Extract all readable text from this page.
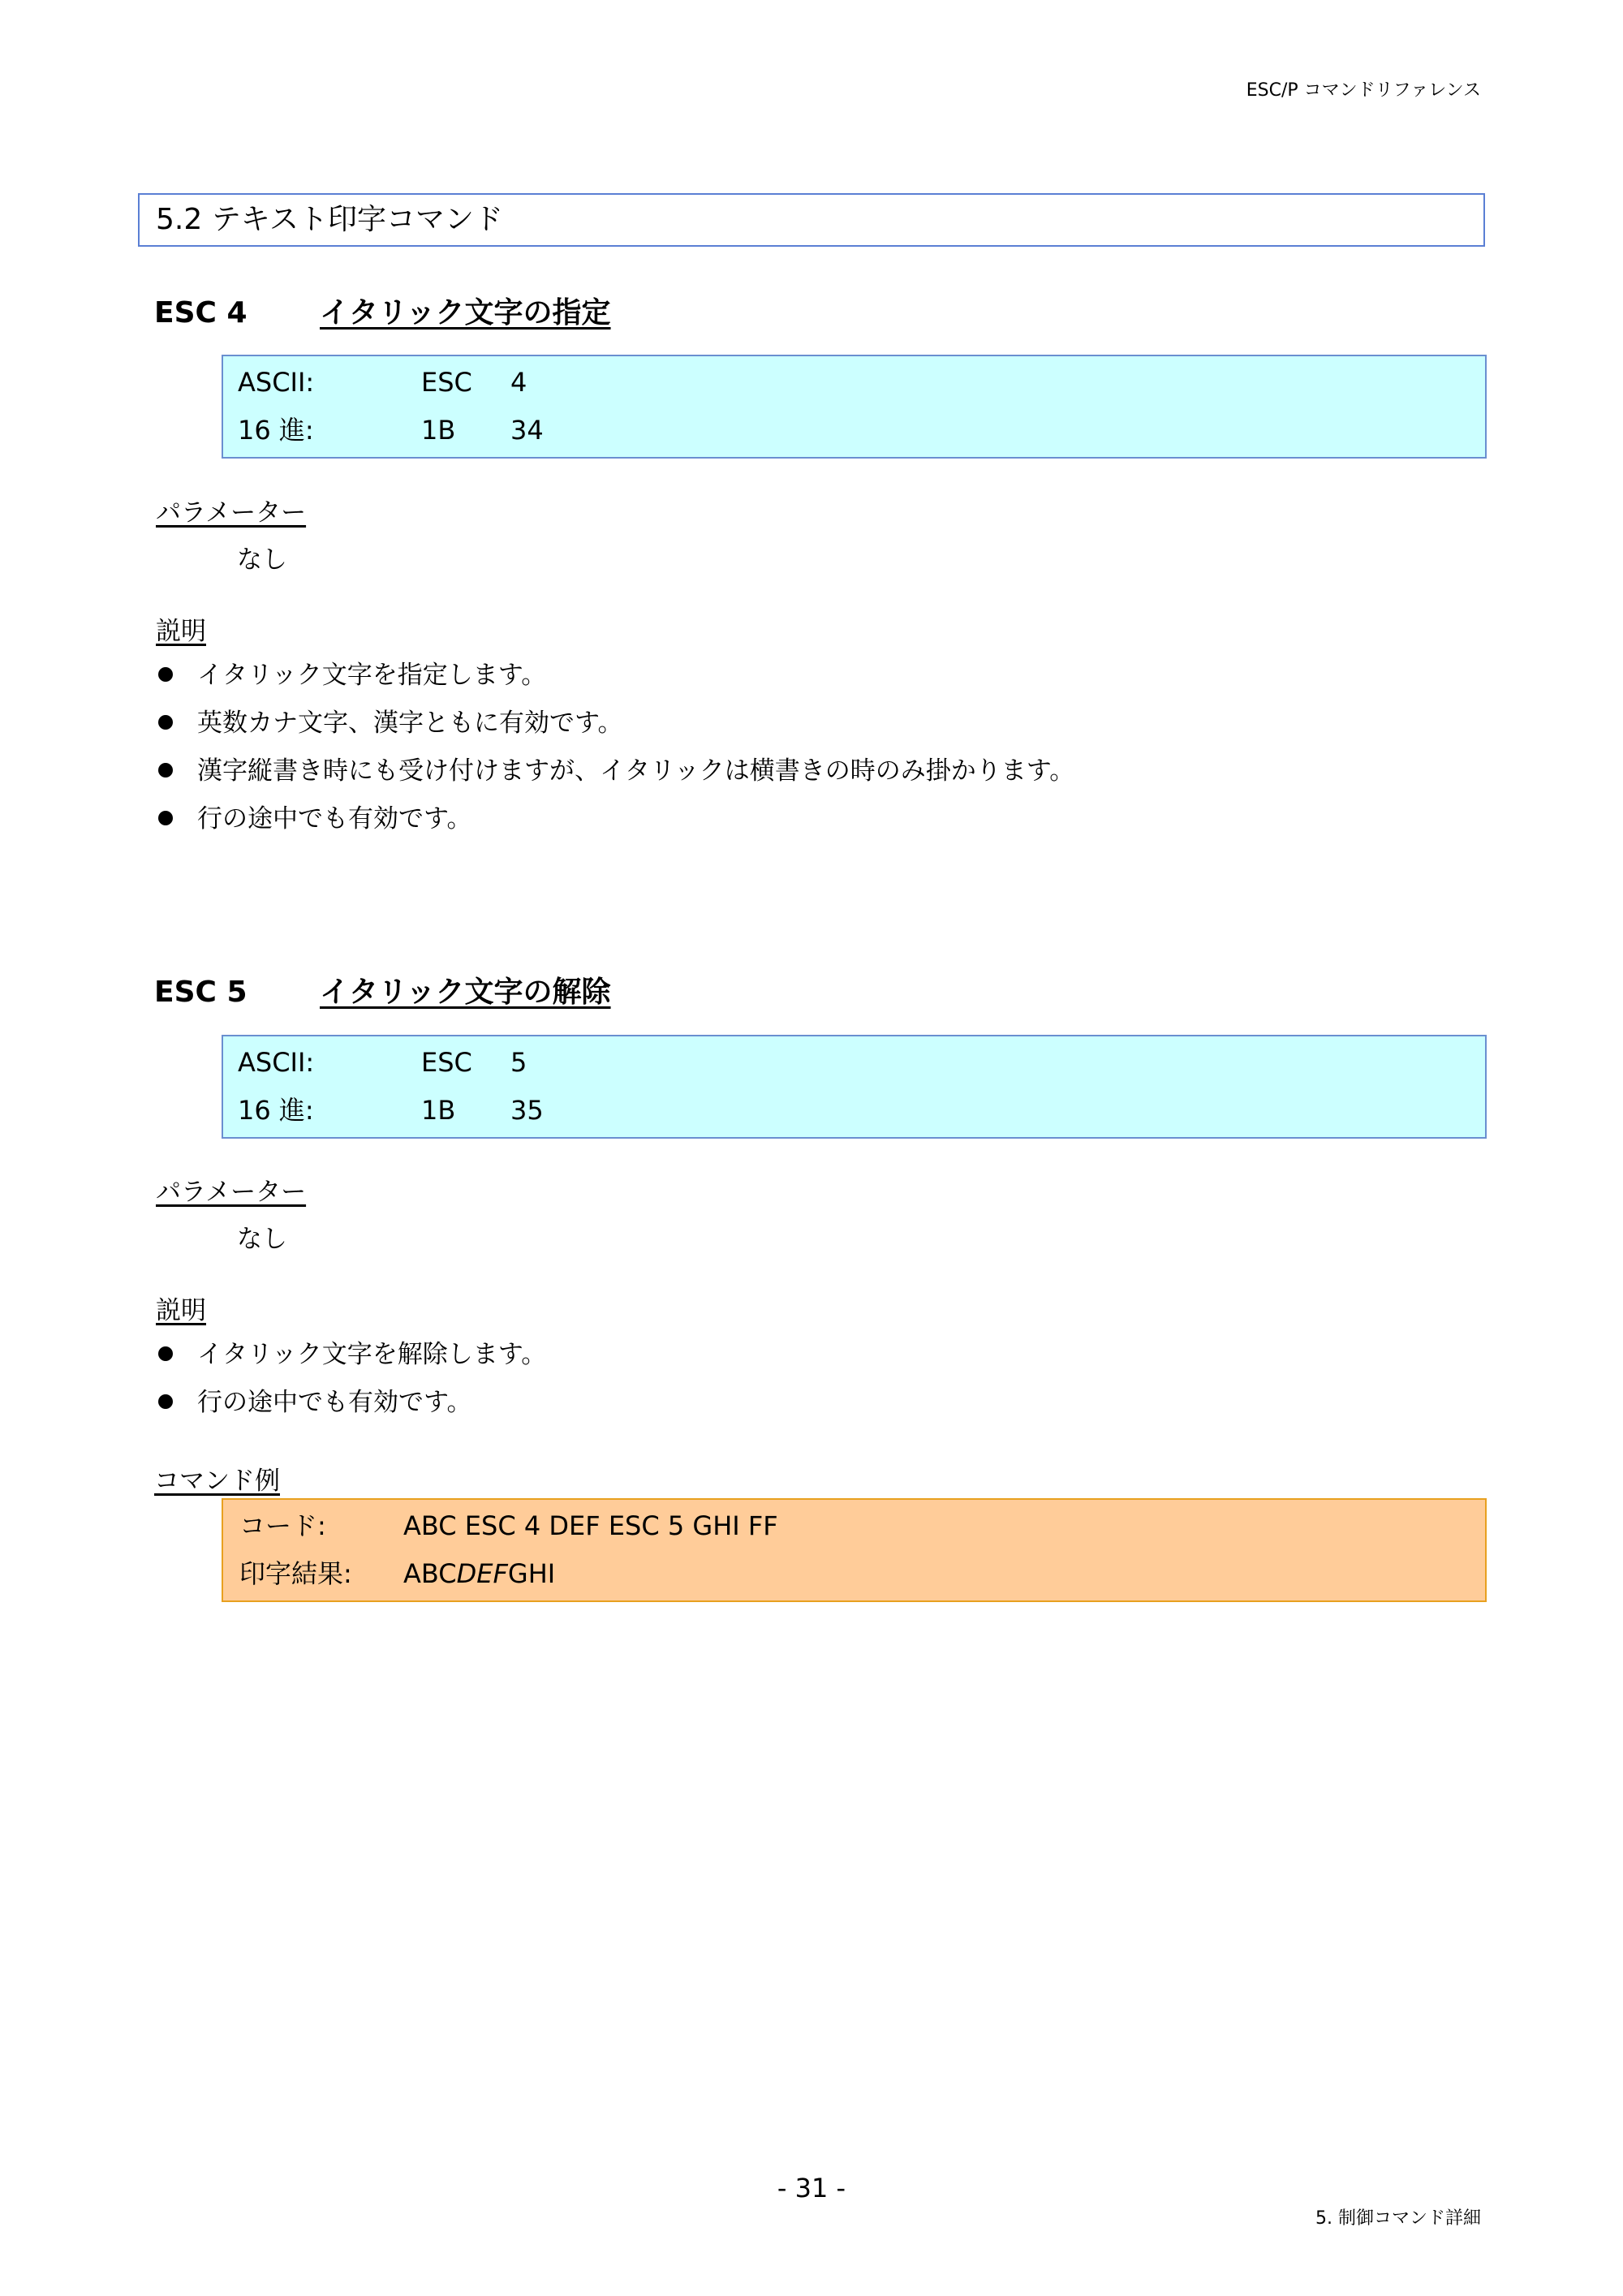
ESC/P コマンドリファレンス
5.2 テキスト印字コマンド
ESC 4 イタリック文字の指定
ASCII:	ESC 4
16 進:	1B 34
パラメーター
なし
説明
イタリック文字を指定します。
英数カナ文字、漢字ともに有効です。
漢字縦書き時にも受け付けますが、イタリックは横書きの時のみ掛かります。
行の途中でも有効です。
ESC 5 イタリック文字の解除
ASCII:	ESC 5
16 進:	1B 35
パラメーター
なし
説明
イタリック文字を解除します。
行の途中でも有効です。
コマンド例
コード:	ABC ESC 4 DEF ESC 5 GHI FF
印字結果: ABCDEFGHI
- 31 -
5. 制御コマンド詳細
